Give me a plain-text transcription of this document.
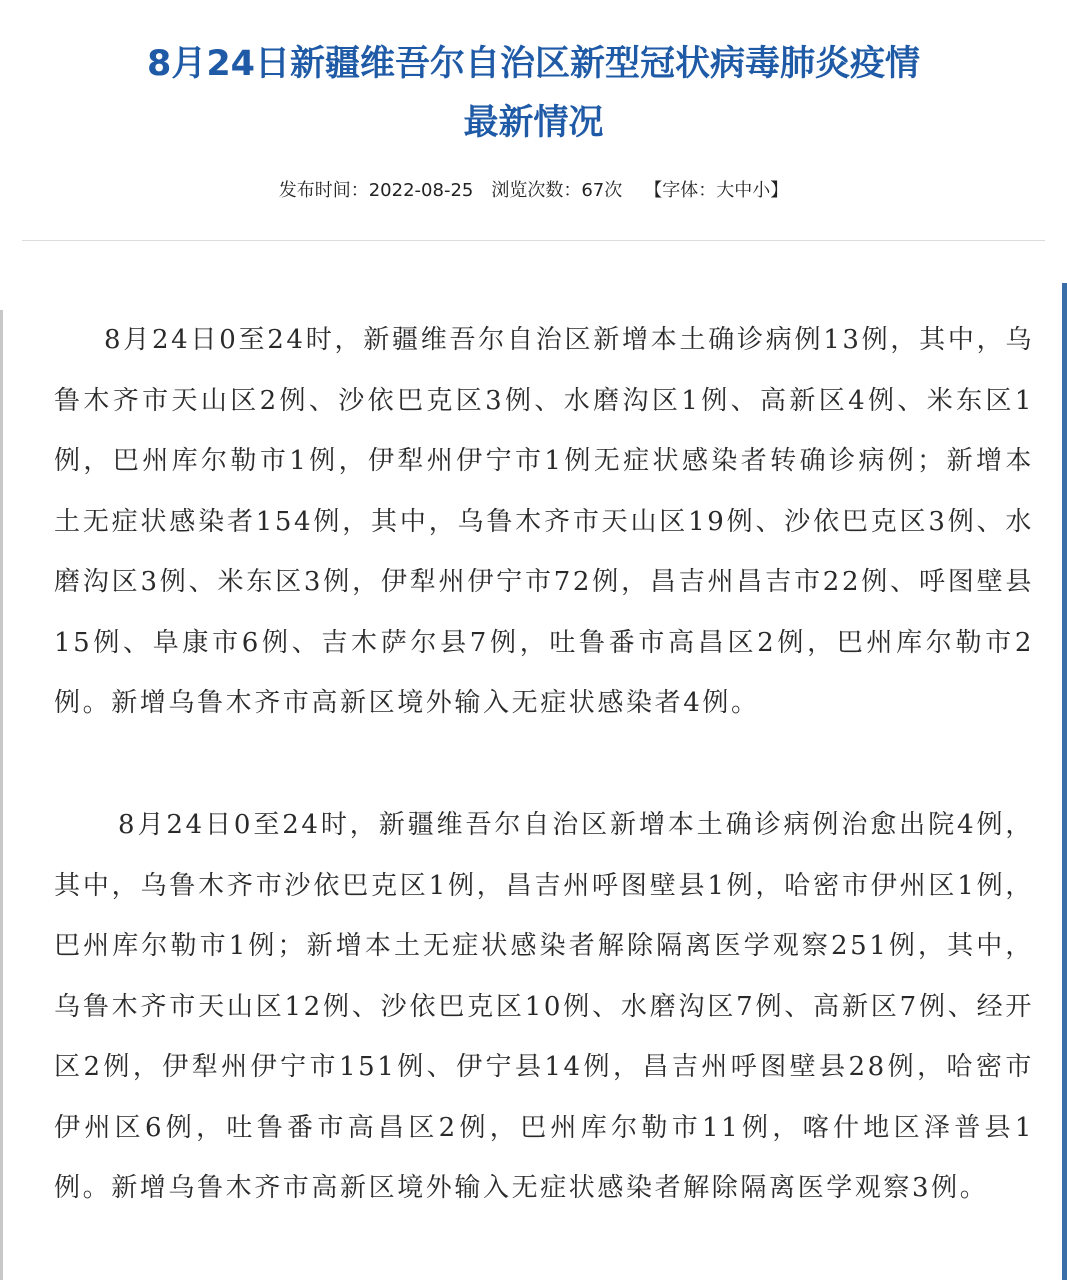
8月24日新疆维吾尔自治区新型冠状病毒肺炎疫情
最新情况
发布时间：2022-08-25 浏览次数：67次 【字体：大中小】

8月24日0至24时，新疆维吾尔自治区新增本土确诊病例13例，其中，乌鲁木齐市天山区2例、沙依巴克区3例、水磨沟区1例、高新区4例、米东区1例，巴州库尔勒市1例，伊犁州伊宁市1例无症状感染者转确诊病例；新增本土无症状感染者154例，其中，乌鲁木齐市天山区19例、沙依巴克区3例、水磨沟区3例、米东区3例，伊犁州伊宁市72例，昌吉州昌吉市22例、呼图壁县15例、阜康市6例、吉木萨尔县7例，吐鲁番市高昌区2例，巴州库尔勒市2例。新增乌鲁木齐市高新区境外输入无症状感染者4例。

8月24日0至24时，新疆维吾尔自治区新增本土确诊病例治愈出院4例，其中，乌鲁木齐市沙依巴克区1例，昌吉州呼图壁县1例，哈密市伊州区1例，巴州库尔勒市1例；新增本土无症状感染者解除隔离医学观察251例，其中，乌鲁木齐市天山区12例、沙依巴克区10例、水磨沟区7例、高新区7例、经开区2例，伊犁州伊宁市151例、伊宁县14例，昌吉州呼图壁县28例，哈密市伊州区6例，吐鲁番市高昌区2例，巴州库尔勒市11例，喀什地区泽普县1例。新增乌鲁木齐市高新区境外输入无症状感染者解除隔离医学观察3例。
